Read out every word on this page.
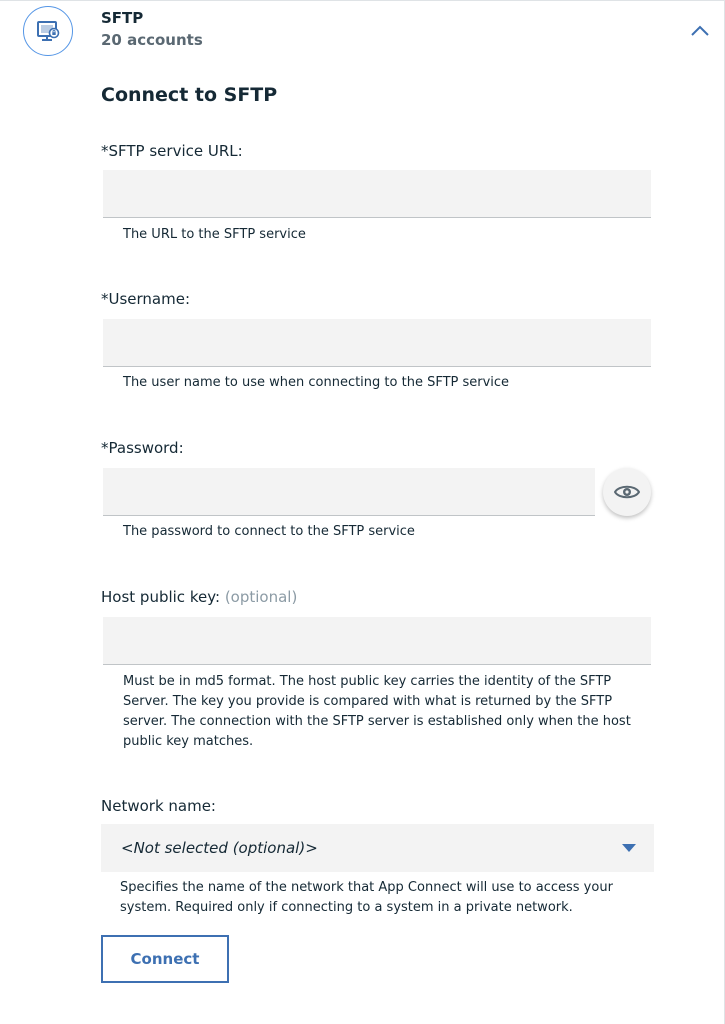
SFTP
20 accounts
Connect to SFTP
*SFTP service URL:
The URL to the SFTP service
*Username:
The user name to use when connecting to the SFTP service
*Password:
The password to connect to the SFTP service
Host public key: (optional)
Must be in md5 format. The host public key carries the identity of the SFTP Server. The key you provide is compared with what is returned by the SFTP server. The connection with the SFTP server is established only when the host public key matches.
Network name:
<Not selected (optional)>
Specifies the name of the network that App Connect will use to access your system. Required only if connecting to a system in a private network.
Connect
